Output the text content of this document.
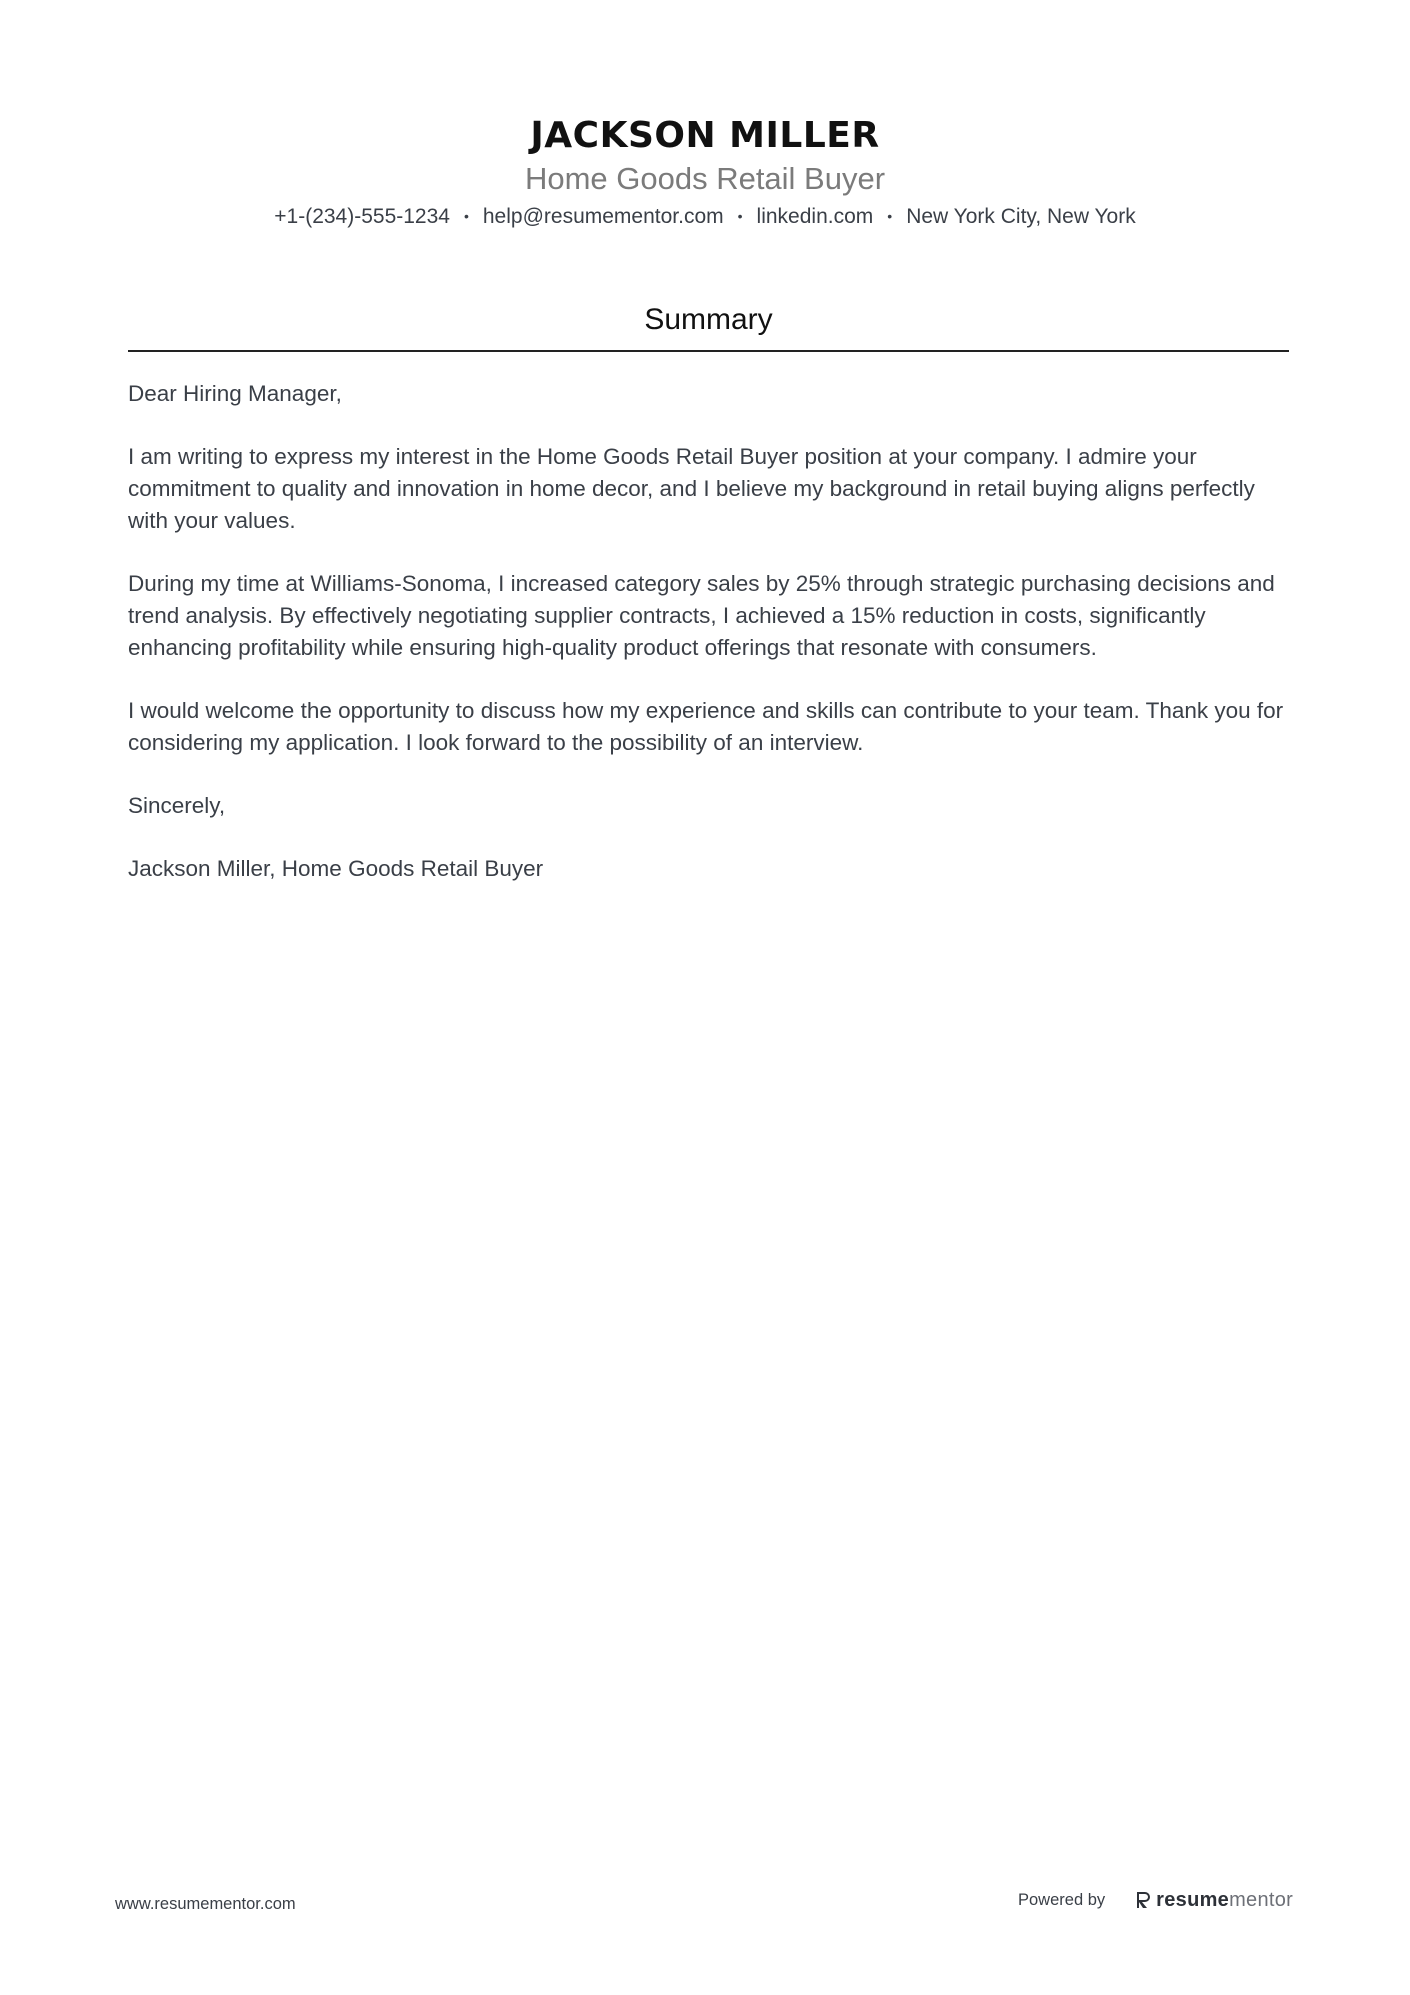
JACKSON MILLER
Home Goods Retail Buyer
+1-(234)-555-1234 • help@resumementor.com • linkedin.com • New York City, New York
Summary

Dear Hiring Manager,

I am writing to express my interest in the Home Goods Retail Buyer position at your company. I admire your commitment to quality and innovation in home decor, and I believe my background in retail buying aligns perfectly with your values.

During my time at Williams-Sonoma, I increased category sales by 25% through strategic purchasing decisions and trend analysis. By effectively negotiating supplier contracts, I achieved a 15% reduction in costs, significantly enhancing profitability while ensuring high-quality product offerings that resonate with consumers.

I would welcome the opportunity to discuss how my experience and skills can contribute to your team. Thank you for considering my application. I look forward to the possibility of an interview.

Sincerely,

Jackson Miller, Home Goods Retail Buyer

www.resumementor.com	Powered by	resumementor
